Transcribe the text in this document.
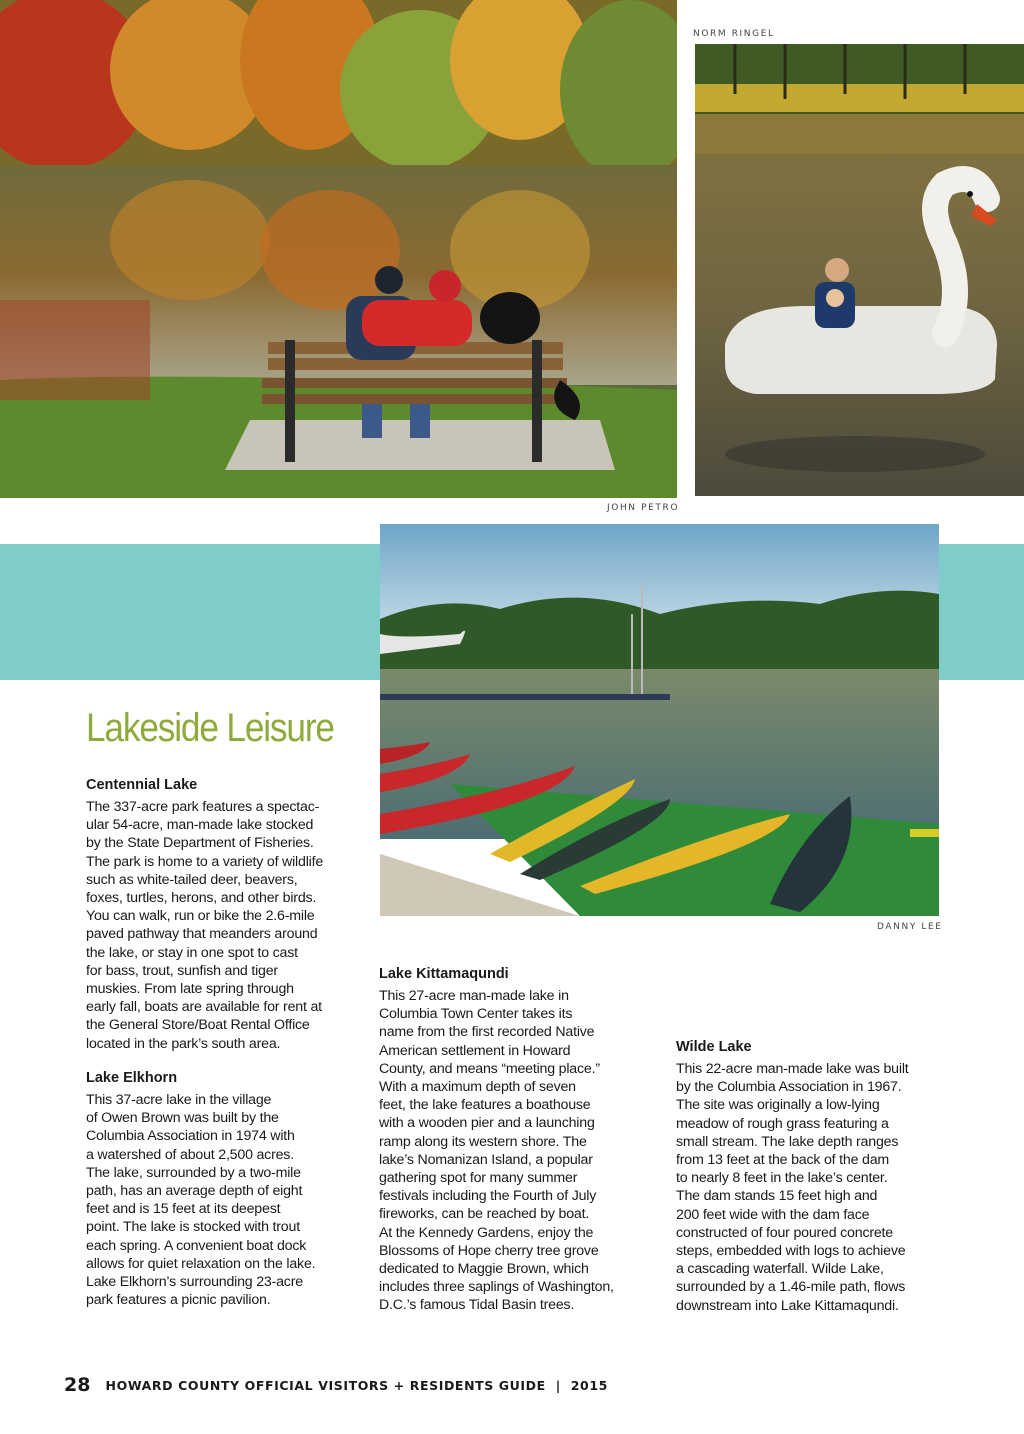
JOHN PETRO
NORM RINGEL
DANNY LEE
Lakeside Leisure
Centennial Lake
The 337-acre park features a spectac-
ular 54-acre, man-made lake stocked
by the State Department of Fisheries.
The park is home to a variety of wildlife
such as white-tailed deer, beavers,
foxes, turtles, herons, and other birds.
You can walk, run or bike the 2.6-mile
paved pathway that meanders around
the lake, or stay in one spot to cast
for bass, trout, sunfish and tiger
muskies. From late spring through
early fall, boats are available for rent at
the General Store/Boat Rental Office
located in the park’s south area.
Lake Elkhorn
This 37-acre lake in the village
of Owen Brown was built by the
Columbia Association in 1974 with
a watershed of about 2,500 acres.
The lake, surrounded by a two-mile
path, has an average depth of eight
feet and is 15 feet at its deepest
point. The lake is stocked with trout
each spring. A convenient boat dock
allows for quiet relaxation on the lake.
Lake Elkhorn’s surrounding 23-acre
park features a picnic pavilion.
Lake Kittamaqundi
This 27-acre man-made lake in
Columbia Town Center takes its
name from the first recorded Native
American settlement in Howard
County, and means “meeting place.”
With a maximum depth of seven
feet, the lake features a boathouse
with a wooden pier and a launching
ramp along its western shore. The
lake’s Nomanizan Island, a popular
gathering spot for many summer
festivals including the Fourth of July
fireworks, can be reached by boat.
At the Kennedy Gardens, enjoy the
Blossoms of Hope cherry tree grove
dedicated to Maggie Brown, which
includes three saplings of Washington,
D.C.’s famous Tidal Basin trees.
Wilde Lake
This 22-acre man-made lake was built
by the Columbia Association in 1967.
The site was originally a low-lying
meadow of rough grass featuring a
small stream. The lake depth ranges
from 13 feet at the back of the dam
to nearly 8 feet in the lake’s center.
The dam stands 15 feet high and
200 feet wide with the dam face
constructed of four poured concrete
steps, embedded with logs to achieve
a cascading waterfall. Wilde Lake,
surrounded by a 1.46-mile path, flows
downstream into Lake Kittamaqundi.
28 HOWARD COUNTY OFFICIAL VISITORS + RESIDENTS GUIDE  |  2015
